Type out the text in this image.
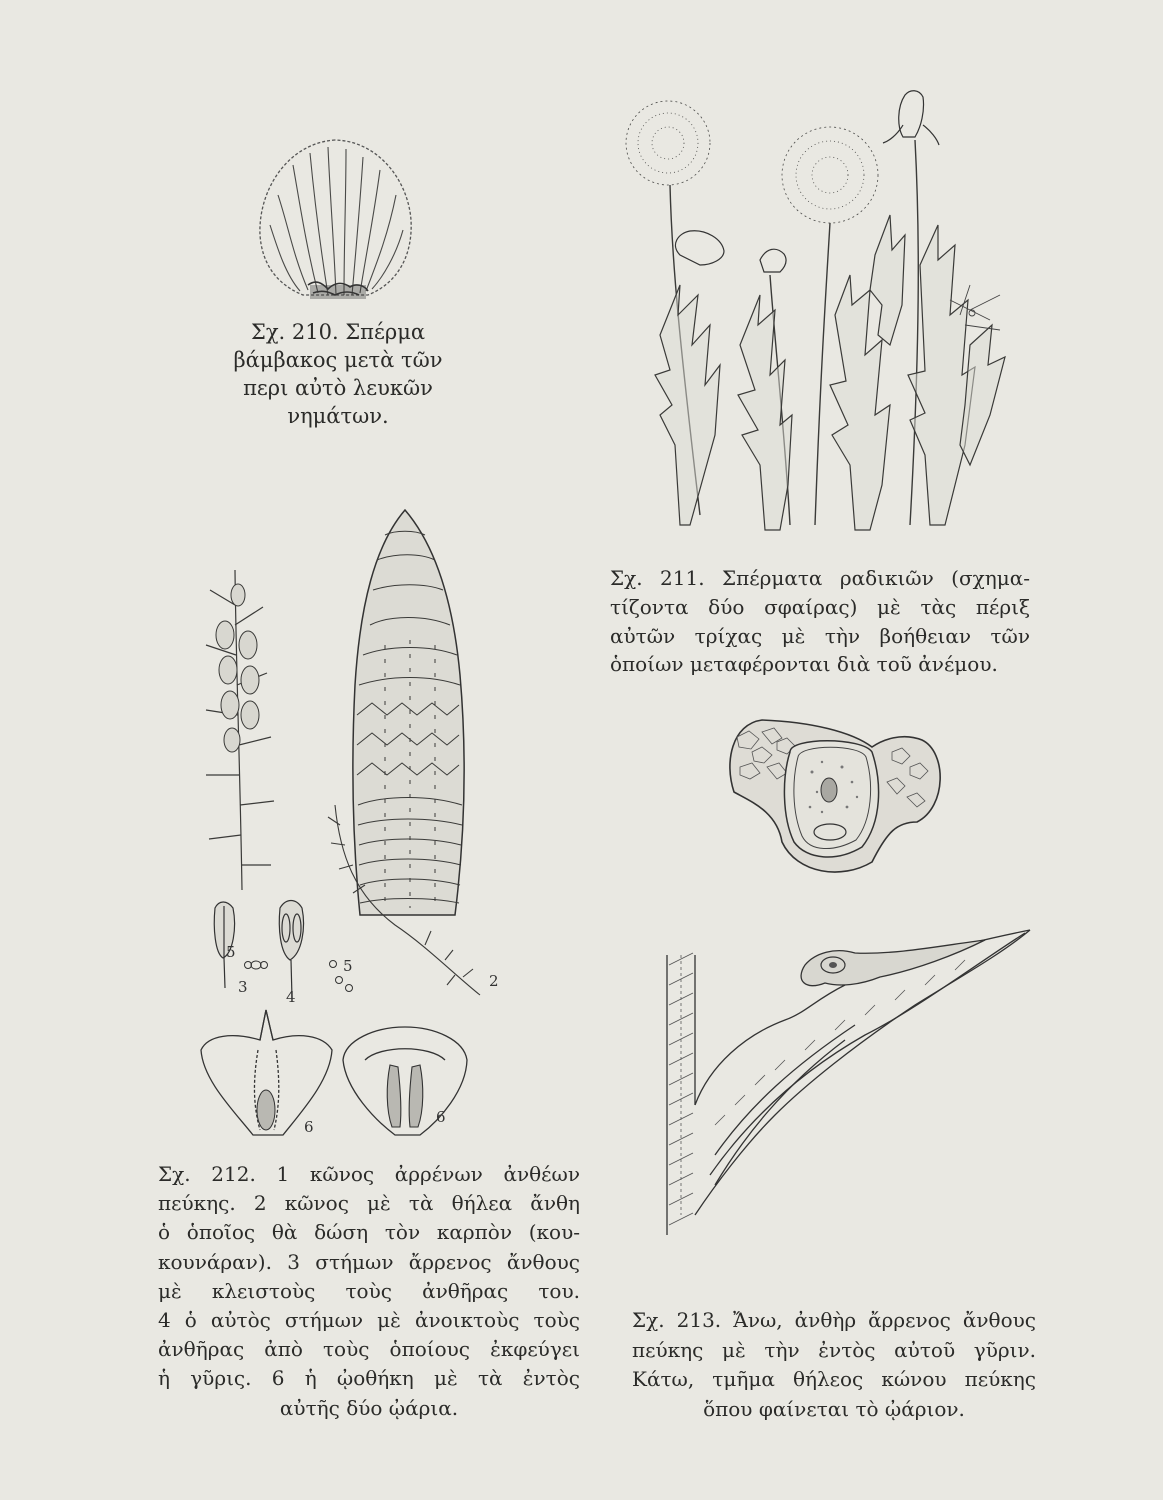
Σχ. 210. Σπέρμα
βάμβακος μετὰ τῶν
περι αὐτὸ λευκῶν
νημάτων.
Σχ. 211. Σπέρματα ραδικιῶν (σχημα-
τίζοντα δύο σφαίρας) μὲ τὰς πέριξ
αὐτῶν τρίχας μὲ τὴν βοήθειαν τῶν
ὁποίων μεταφέρονται διὰ τοῦ ἀνέμου.
2
3
4
5
5
6
6
Σχ. 212. 1 κῶνος ἀρρένων ἀνθέων
πεύκης. 2 κῶνος μὲ τὰ θήλεα ἄνθη
ὁ ὁποῖος θὰ δώση τὸν καρπὸν (κου-
κουνάραν). 3 στήμων ἄρρενος ἄνθους
μὲ κλειστοὺς τοὺς ἀνθῆρας του.
4 ὁ αὐτὸς στήμων μὲ ἀνοικτοὺς τοὺς
ἀνθῆρας ἀπὸ τοὺς ὁποίους ἐκφεύγει
ἡ γῦρις. 6 ἡ ᾠοθήκη μὲ τὰ ἐντὸς
αὐτῆς δύο ᾠάρια.
Σχ. 213. Ἄνω, ἀνθὴρ ἄρρενος ἄνθους
πεύκης μὲ τὴν ἐντὸς αὐτοῦ γῦριν.
Κάτω, τμῆμα θήλεος κώνου πεύκης
ὅπου φαίνεται τὸ ᾠάριον.
